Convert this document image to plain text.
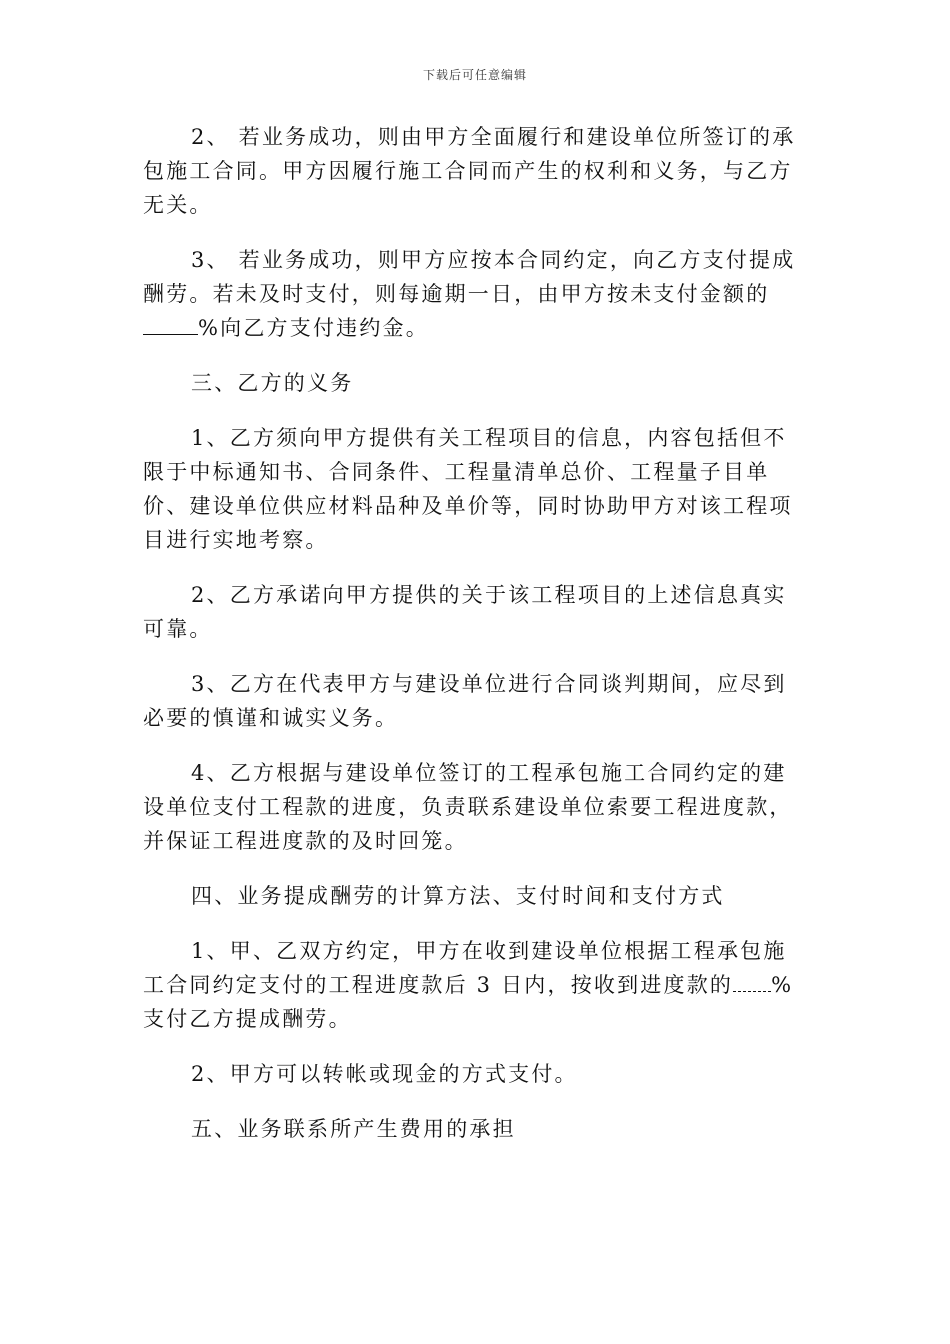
下载后可任意编辑

2、 若业务成功，则由甲方全面履行和建设单位所签订的承包施工合同。甲方因履行施工合同而产生的权利和义务，与乙方无关。

3、 若业务成功，则甲方应按本合同约定，向乙方支付提成酬劳。若未及时支付，则每逾期一日，由甲方按未支付金额的%向乙方支付违约金。

三、乙方的义务

1、乙方须向甲方提供有关工程项目的信息，内容包括但不限于中标通知书、合同条件、工程量清单总价、工程量子目单价、建设单位供应材料品种及单价等，同时协助甲方对该工程项目进行实地考察。

2、乙方承诺向甲方提供的关于该工程项目的上述信息真实可靠。

3、乙方在代表甲方与建设单位进行合同谈判期间，应尽到必要的慎谨和诚实义务。

4、乙方根据与建设单位签订的工程承包施工合同约定的建设单位支付工程款的进度，负责联系建设单位索要工程进度款，并保证工程进度款的及时回笼。

四、业务提成酬劳的计算方法、支付时间和支付方式

1、甲、乙双方约定，甲方在收到建设单位根据工程承包施工合同约定支付的工程进度款后 3 日内，按收到进度款的 %支付乙方提成酬劳。

2、甲方可以转帐或现金的方式支付。

五、业务联系所产生费用的承担
